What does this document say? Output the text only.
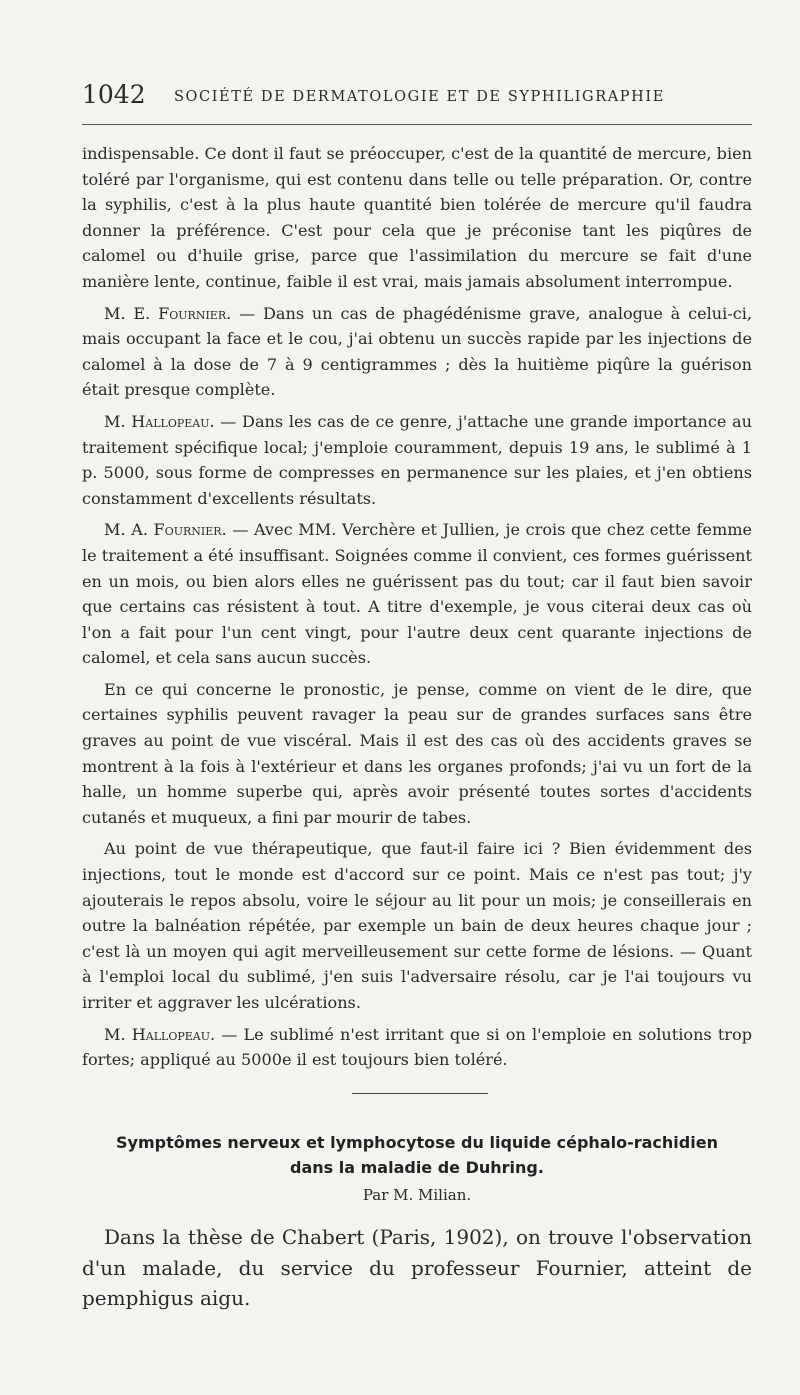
1042 SOCIÉTÉ DE DERMATOLOGIE ET DE SYPHILIGRAPHIE

indispensable. Ce dont il faut se préoccuper, c'est de la quantité de mercure, bien toléré par l'organisme, qui est contenu dans telle ou telle préparation. Or, contre la syphilis, c'est à la plus haute quantité bien tolérée de mercure qu'il faudra donner la préférence. C'est pour cela que je préconise tant les piqûres de calomel ou d'huile grise, parce que l'assimilation du mercure se fait d'une manière lente, continue, faible il est vrai, mais jamais absolument interrompue.

M. E. Fournier. — Dans un cas de phagédénisme grave, analogue à celui-ci, mais occupant la face et le cou, j'ai obtenu un succès rapide par les injections de calomel à la dose de 7 à 9 centigrammes ; dès la huitième piqûre la guérison était presque complète.

M. Hallopeau. — Dans les cas de ce genre, j'attache une grande importance au traitement spécifique local; j'emploie couramment, depuis 19 ans, le sublimé à 1 p. 5000, sous forme de compresses en permanence sur les plaies, et j'en obtiens constamment d'excellents résultats.

M. A. Fournier. — Avec MM. Verchère et Jullien, je crois que chez cette femme le traitement a été insuffisant. Soignées comme il convient, ces formes guérissent en un mois, ou bien alors elles ne guérissent pas du tout; car il faut bien savoir que certains cas résistent à tout. A titre d'exemple, je vous citerai deux cas où l'on a fait pour l'un cent vingt, pour l'autre deux cent quarante injections de calomel, et cela sans aucun succès.

En ce qui concerne le pronostic, je pense, comme on vient de le dire, que certaines syphilis peuvent ravager la peau sur de grandes surfaces sans être graves au point de vue viscéral. Mais il est des cas où des accidents graves se montrent à la fois à l'extérieur et dans les organes profonds; j'ai vu un fort de la halle, un homme superbe qui, après avoir présenté toutes sortes d'accidents cutanés et muqueux, a fini par mourir de tabes.

Au point de vue thérapeutique, que faut-il faire ici ? Bien évidemment des injections, tout le monde est d'accord sur ce point. Mais ce n'est pas tout; j'y ajouterais le repos absolu, voire le séjour au lit pour un mois; je conseillerais en outre la balnéation répétée, par exemple un bain de deux heures chaque jour ; c'est là un moyen qui agit merveilleusement sur cette forme de lésions. — Quant à l'emploi local du sublimé, j'en suis l'adversaire résolu, car je l'ai toujours vu irriter et aggraver les ulcérations.

M. Hallopeau. — Le sublimé n'est irritant que si on l'emploie en solutions trop fortes; appliqué au 5000e il est toujours bien toléré.

Symptômes nerveux et lymphocytose du liquide céphalo-rachidien
dans la maladie de Duhring.
Par M. Milian.

Dans la thèse de Chabert (Paris, 1902), on trouve l'observation d'un malade, du service du professeur Fournier, atteint de pemphigus aigu.
